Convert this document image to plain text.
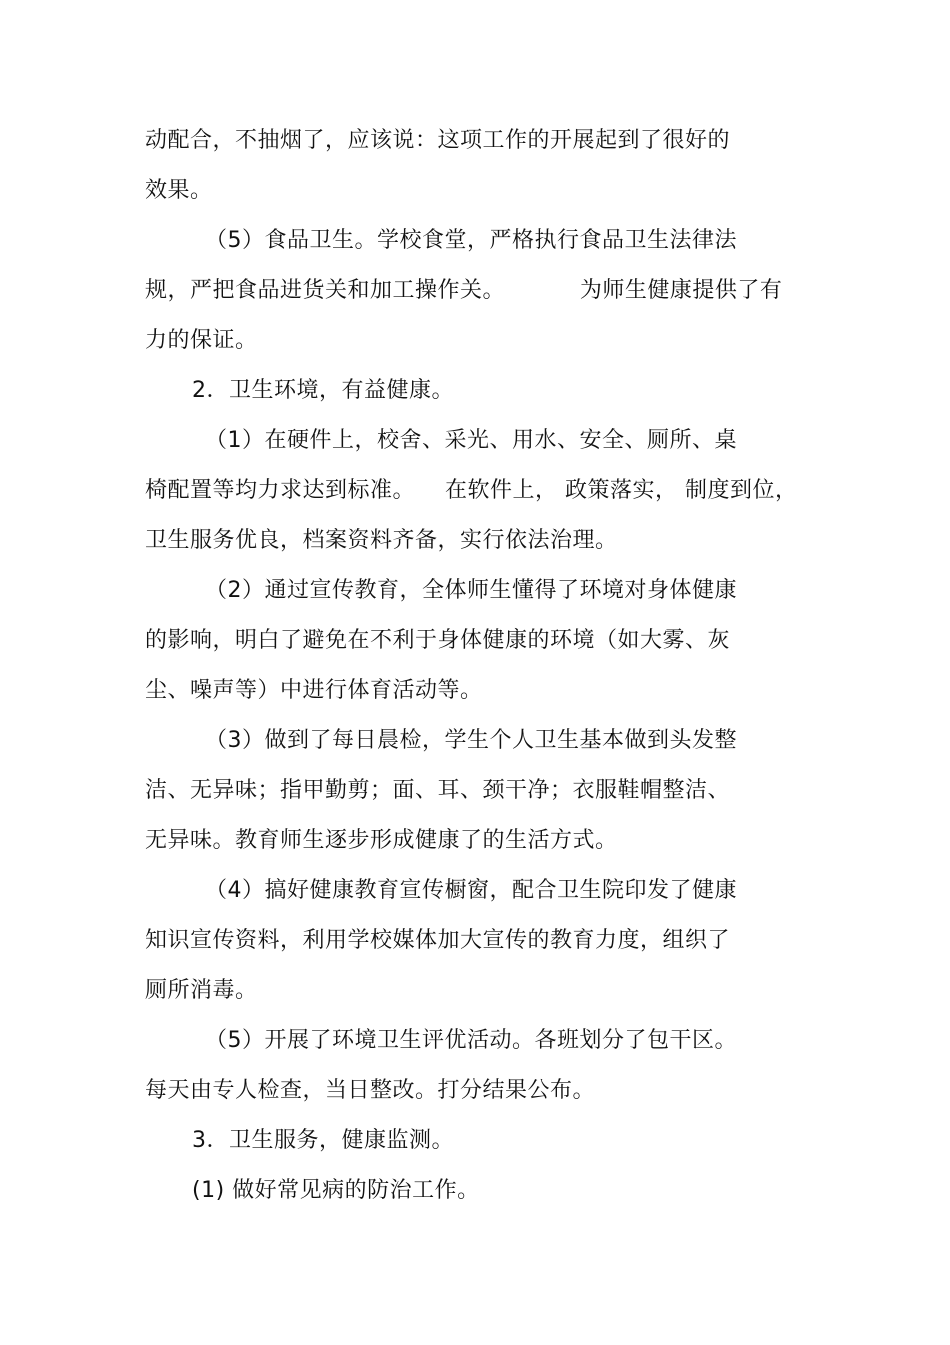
动配合，不抽烟了，应该说：这项工作的开展起到了很好的
效果。
（5）食品卫生。学校食堂，严格执行食品卫生法律法
规，严把食品进货关和加工操作关。          为师生健康提供了有
力的保证。
2．卫生环境，有益健康。
（1）在硬件上，校舍、采光、用水、安全、厕所、桌
椅配置等均力求达到标准。    在软件上， 政策落实， 制度到位，
卫生服务优良，档案资料齐备，实行依法治理。
（2）通过宣传教育，全体师生懂得了环境对身体健康
的影响，明白了避免在不利于身体健康的环境（如大雾、灰
尘、噪声等）中进行体育活动等。
（3）做到了每日晨检，学生个人卫生基本做到头发整
洁、无异味；指甲勤剪；面、耳、颈干净；衣服鞋帽整洁、
无异味。教育师生逐步形成健康了的生活方式。
（4）搞好健康教育宣传橱窗，配合卫生院印发了健康
知识宣传资料，利用学校媒体加大宣传的教育力度，组织了
厕所消毒。
（5）开展了环境卫生评优活动。各班划分了包干区。
每天由专人检查，当日整改。打分结果公布。
3．卫生服务，健康监测。
(1) 做好常见病的防治工作。
